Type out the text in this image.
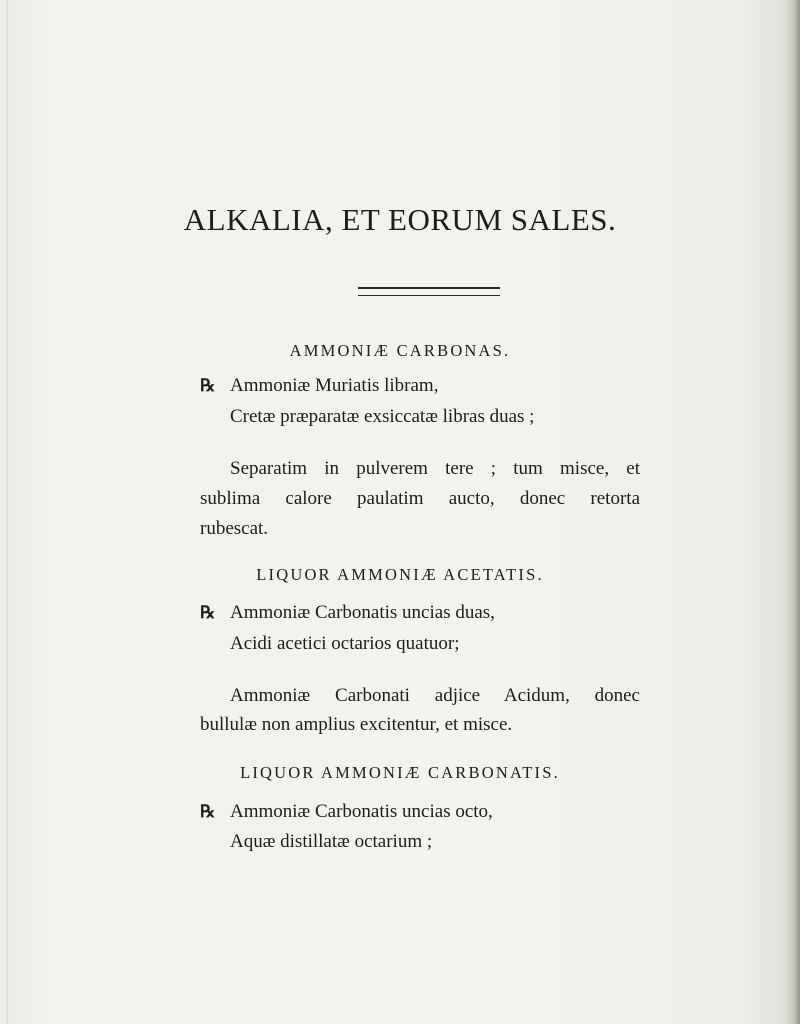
ALKALIA, ET EORUM SALES.
AMMONIÆ CARBONAS.
℞ Ammoniæ Muriatis libram,
Cretæ præparatæ exsiccatæ libras duas ;
Separatim in pulverem tere ; tum misce, et
sublima calore paulatim aucto, donec retorta
rubescat.
LIQUOR AMMONIÆ ACETATIS.
℞ Ammoniæ Carbonatis uncias duas,
Acidi acetici octarios quatuor;
Ammoniæ Carbonati adjice Acidum, donec
bullulæ non amplius excitentur, et misce.
LIQUOR AMMONIÆ CARBONATIS.
℞ Ammoniæ Carbonatis uncias octo,
Aquæ distillatæ octarium ;
